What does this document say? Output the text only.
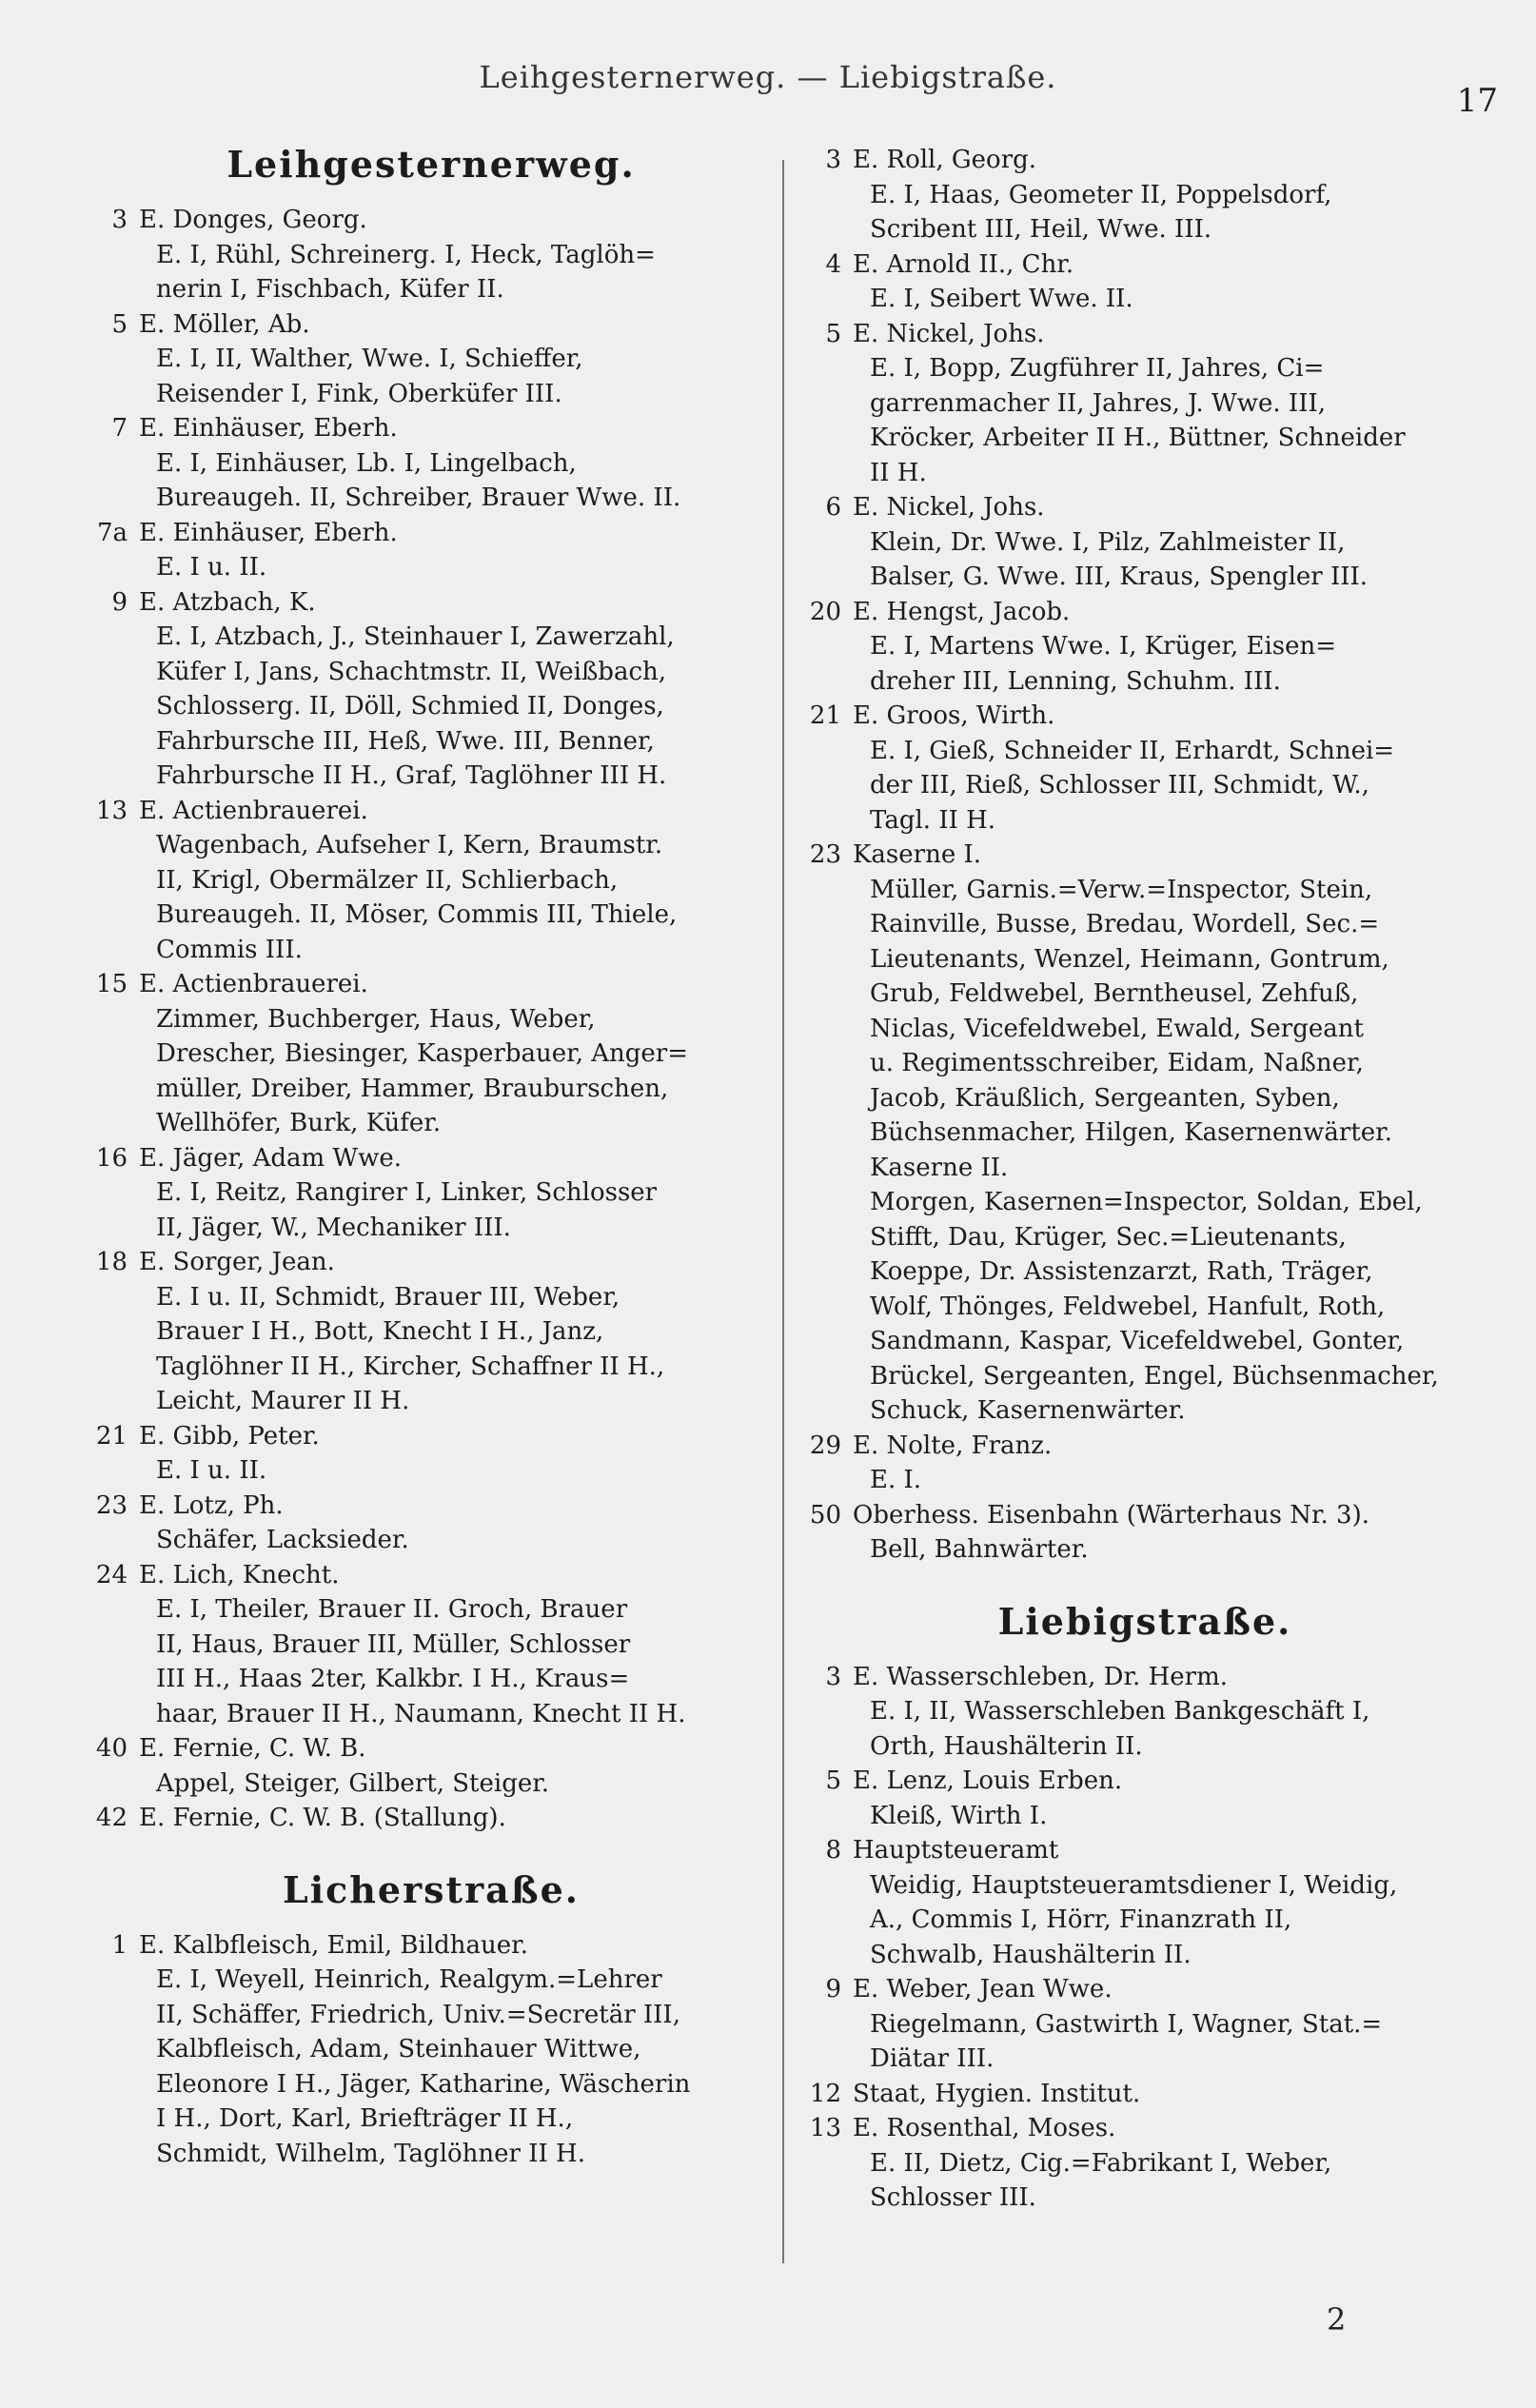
Leihgesternerweg. — Liebigstraße.
17
Leihgesternerweg.
3 E. Donges, Georg.
E. I, Rühl, Schreinerg. I, Heck, Taglöh=
nerin I, Fischbach, Küfer II.
5 E. Möller, Ab.
E. I, II, Walther, Wwe. I, Schieffer,
Reisender I, Fink, Oberküfer III.
7 E. Einhäuser, Eberh.
E. I, Einhäuser, Lb. I, Lingelbach,
Bureaugeh. II, Schreiber, Brauer Wwe. II.
7a E. Einhäuser, Eberh.
E. I u. II.
9 E. Atzbach, K.
E. I, Atzbach, J., Steinhauer I, Zawerzahl,
Küfer I, Jans, Schachtmstr. II, Weißbach,
Schlosserg. II, Döll, Schmied II, Donges,
Fahrbursche III, Heß, Wwe. III, Benner,
Fahrbursche II H., Graf, Taglöhner III H.
13 E. Actienbrauerei.
Wagenbach, Aufseher I, Kern, Braumstr.
II, Krigl, Obermälzer II, Schlierbach,
Bureaugeh. II, Möser, Commis III, Thiele,
Commis III.
15 E. Actienbrauerei.
Zimmer, Buchberger, Haus, Weber,
Drescher, Biesinger, Kasperbauer, Anger=
müller, Dreiber, Hammer, Brauburschen,
Wellhöfer, Burk, Küfer.
16 E. Jäger, Adam Wwe.
E. I, Reitz, Rangirer I, Linker, Schlosser
II, Jäger, W., Mechaniker III.
18 E. Sorger, Jean.
E. I u. II, Schmidt, Brauer III, Weber,
Brauer I H., Bott, Knecht I H., Janz,
Taglöhner II H., Kircher, Schaffner II H.,
Leicht, Maurer II H.
21 E. Gibb, Peter.
E. I u. II.
23 E. Lotz, Ph.
Schäfer, Lacksieder.
24 E. Lich, Knecht.
E. I, Theiler, Brauer II. Groch, Brauer
II, Haus, Brauer III, Müller, Schlosser
III H., Haas 2ter, Kalkbr. I H., Kraus=
haar, Brauer II H., Naumann, Knecht II H.
40 E. Fernie, C. W. B.
Appel, Steiger, Gilbert, Steiger.
42 E. Fernie, C. W. B. (Stallung).
Licherstraße.
1 E. Kalbfleisch, Emil, Bildhauer.
E. I, Weyell, Heinrich, Realgym.=Lehrer
II, Schäffer, Friedrich, Univ.=Secretär III,
Kalbfleisch, Adam, Steinhauer Wittwe,
Eleonore I H., Jäger, Katharine, Wäscherin
I H., Dort, Karl, Briefträger II H.,
Schmidt, Wilhelm, Taglöhner II H.
3 E. Roll, Georg.
E. I, Haas, Geometer II, Poppelsdorf,
Scribent III, Heil, Wwe. III.
4 E. Arnold II., Chr.
E. I, Seibert Wwe. II.
5 E. Nickel, Johs.
E. I, Bopp, Zugführer II, Jahres, Ci=
garrenmacher II, Jahres, J. Wwe. III,
Kröcker, Arbeiter II H., Büttner, Schneider
II H.
6 E. Nickel, Johs.
Klein, Dr. Wwe. I, Pilz, Zahlmeister II,
Balser, G. Wwe. III, Kraus, Spengler III.
20 E. Hengst, Jacob.
E. I, Martens Wwe. I, Krüger, Eisen=
dreher III, Lenning, Schuhm. III.
21 E. Groos, Wirth.
E. I, Gieß, Schneider II, Erhardt, Schnei=
der III, Rieß, Schlosser III, Schmidt, W.,
Tagl. II H.
23 Kaserne I.
Müller, Garnis.=Verw.=Inspector, Stein,
Rainville, Busse, Bredau, Wordell, Sec.=
Lieutenants, Wenzel, Heimann, Gontrum,
Grub, Feldwebel, Berntheusel, Zehfuß,
Niclas, Vicefeldwebel, Ewald, Sergeant
u. Regimentsschreiber, Eidam, Naßner,
Jacob, Kräußlich, Sergeanten, Syben,
Büchsenmacher, Hilgen, Kasernenwärter.
Kaserne II.
Morgen, Kasernen=Inspector, Soldan, Ebel,
Stifft, Dau, Krüger, Sec.=Lieutenants,
Koeppe, Dr. Assistenzarzt, Rath, Träger,
Wolf, Thönges, Feldwebel, Hanfult, Roth,
Sandmann, Kaspar, Vicefeldwebel, Gonter,
Brückel, Sergeanten, Engel, Büchsenmacher,
Schuck, Kasernenwärter.
29 E. Nolte, Franz.
E. I.
50 Oberhess. Eisenbahn (Wärterhaus Nr. 3).
Bell, Bahnwärter.
Liebigstraße.
3 E. Wasserschleben, Dr. Herm.
E. I, II, Wasserschleben Bankgeschäft I,
Orth, Haushälterin II.
5 E. Lenz, Louis Erben.
Kleiß, Wirth I.
8 Hauptsteueramt
Weidig, Hauptsteueramtsdiener I, Weidig,
A., Commis I, Hörr, Finanzrath II,
Schwalb, Haushälterin II.
9 E. Weber, Jean Wwe.
Riegelmann, Gastwirth I, Wagner, Stat.=
Diätar III.
12 Staat, Hygien. Institut.
13 E. Rosenthal, Moses.
E. II, Dietz, Cig.=Fabrikant I, Weber,
Schlosser III.
2
